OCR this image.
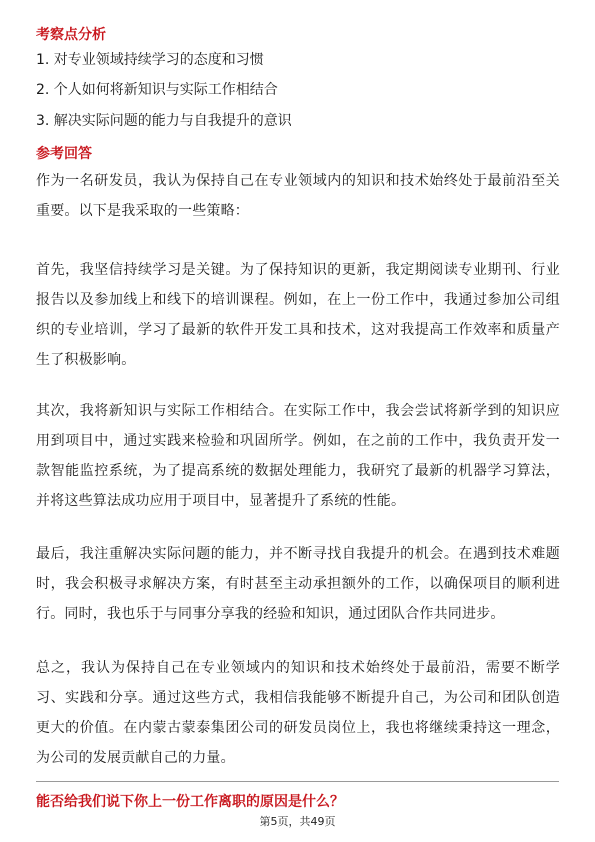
考察点分析
1. 对专业领域持续学习的态度和习惯
2. 个人如何将新知识与实际工作相结合
3. 解决实际问题的能力与自我提升的意识
参考回答
作为一名研发员，我认为保持自己在专业领域内的知识和技术始终处于最前沿至关重要。以下是我采取的一些策略：
首先，我坚信持续学习是关键。为了保持知识的更新，我定期阅读专业期刊、行业报告以及参加线上和线下的培训课程。例如，在上一份工作中，我通过参加公司组织的专业培训，学习了最新的软件开发工具和技术，这对我提高工作效率和质量产生了积极影响。
其次，我将新知识与实际工作相结合。在实际工作中，我会尝试将新学到的知识应用到项目中，通过实践来检验和巩固所学。例如，在之前的工作中，我负责开发一款智能监控系统，为了提高系统的数据处理能力，我研究了最新的机器学习算法，并将这些算法成功应用于项目中，显著提升了系统的性能。
最后，我注重解决实际问题的能力，并不断寻找自我提升的机会。在遇到技术难题时，我会积极寻求解决方案，有时甚至主动承担额外的工作，以确保项目的顺利进行。同时，我也乐于与同事分享我的经验和知识，通过团队合作共同进步。
总之，我认为保持自己在专业领域内的知识和技术始终处于最前沿，需要不断学习、实践和分享。通过这些方式，我相信我能够不断提升自己，为公司和团队创造更大的价值。在内蒙古蒙泰集团公司的研发员岗位上，我也将继续秉持这一理念，为公司的发展贡献自己的力量。
能否给我们说下你上一份工作离职的原因是什么？
第5页，共49页
